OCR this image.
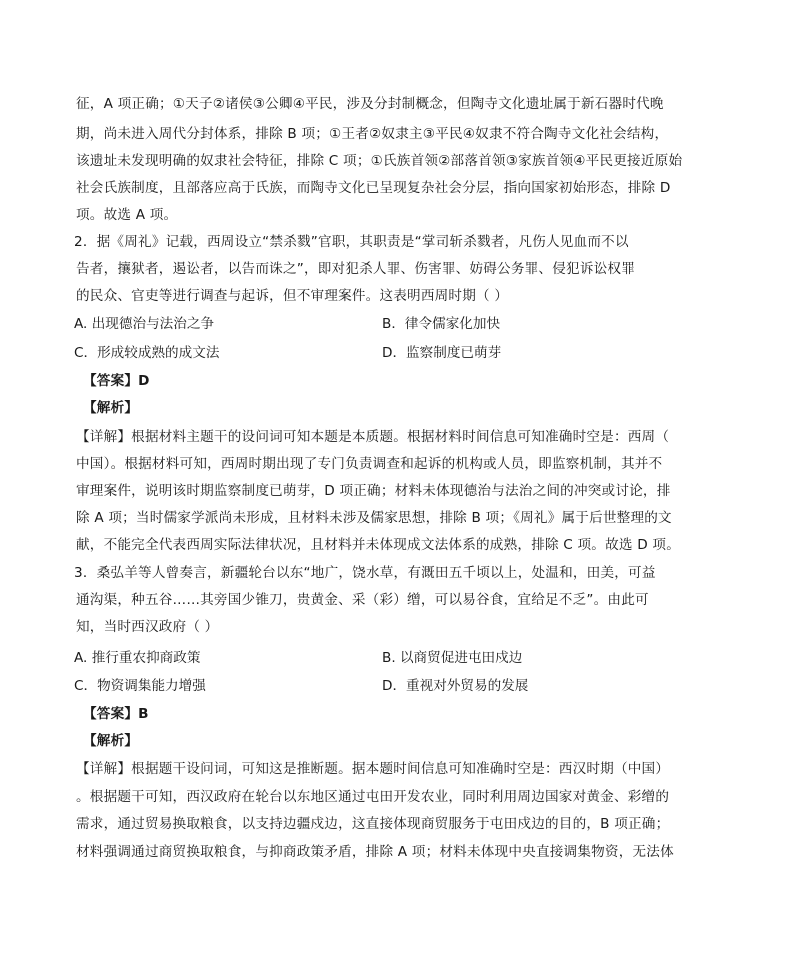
征，A 项正确；①天子②诸侯③公卿④平民，涉及分封制概念，但陶寺文化遗址属于新石器时代晚
期，尚未进入周代分封体系，排除 B 项；①王者②奴隶主③平民④奴隶不符合陶寺文化社会结构，
该遗址未发现明确的奴隶社会特征，排除 C 项；①氏族首领②部落首领③家族首领④平民更接近原始
社会氏族制度，且部落应高于氏族，而陶寺文化已呈现复杂社会分层，指向国家初始形态，排除 D
项。故选 A 项。
2．据《周礼》记载，西周设立“禁杀戮”官职，其职责是“掌司斩杀戮者，凡伤人见血而不以
告者，攘狱者，遏讼者，以告而诛之”，即对犯杀人罪、伤害罪、妨碍公务罪、侵犯诉讼权罪
的民众、官吏等进行调查与起诉，但不审理案件。这表明西周时期（ ）
A. 出现德治与法治之争	B．律令儒家化加快
C．形成较成熟的成文法	D．监察制度已萌芽
【答案】D
【解析】
【详解】根据材料主题干的设问词可知本题是本质题。根据材料时间信息可知准确时空是：西周（
中国）。根据材料可知，西周时期出现了专门负责调查和起诉的机构或人员，即监察机制，其并不
审理案件，说明该时期监察制度已萌芽，D 项正确；材料未体现德治与法治之间的冲突或讨论，排
除 A 项；当时儒家学派尚未形成，且材料未涉及儒家思想，排除 B 项；《周礼》属于后世整理的文
献，不能完全代表西周实际法律状况，且材料并未体现成文法体系的成熟，排除 C 项。故选 D 项。
3．桑弘羊等人曾奏言，新疆轮台以东“地广，饶水草，有溉田五千顷以上，处温和，田美，可益
通沟渠，种五谷……其旁国少锥刀，贵黄金、采（彩）缯，可以易谷食，宜给足不乏”。由此可
知，当时西汉政府（ ）
A. 推行重农抑商政策	B. 以商贸促进屯田戍边
C．物资调集能力增强	D．重视对外贸易的发展
【答案】B
【解析】
【详解】根据题干设问词，可知这是推断题。据本题时间信息可知准确时空是：西汉时期（中国）
。根据题干可知，西汉政府在轮台以东地区通过屯田开发农业，同时利用周边国家对黄金、彩缯的
需求，通过贸易换取粮食，以支持边疆戍边，这直接体现商贸服务于屯田戍边的目的，B 项正确；
材料强调通过商贸换取粮食，与抑商政策矛盾，排除 A 项；材料未体现中央直接调集物资，无法体
